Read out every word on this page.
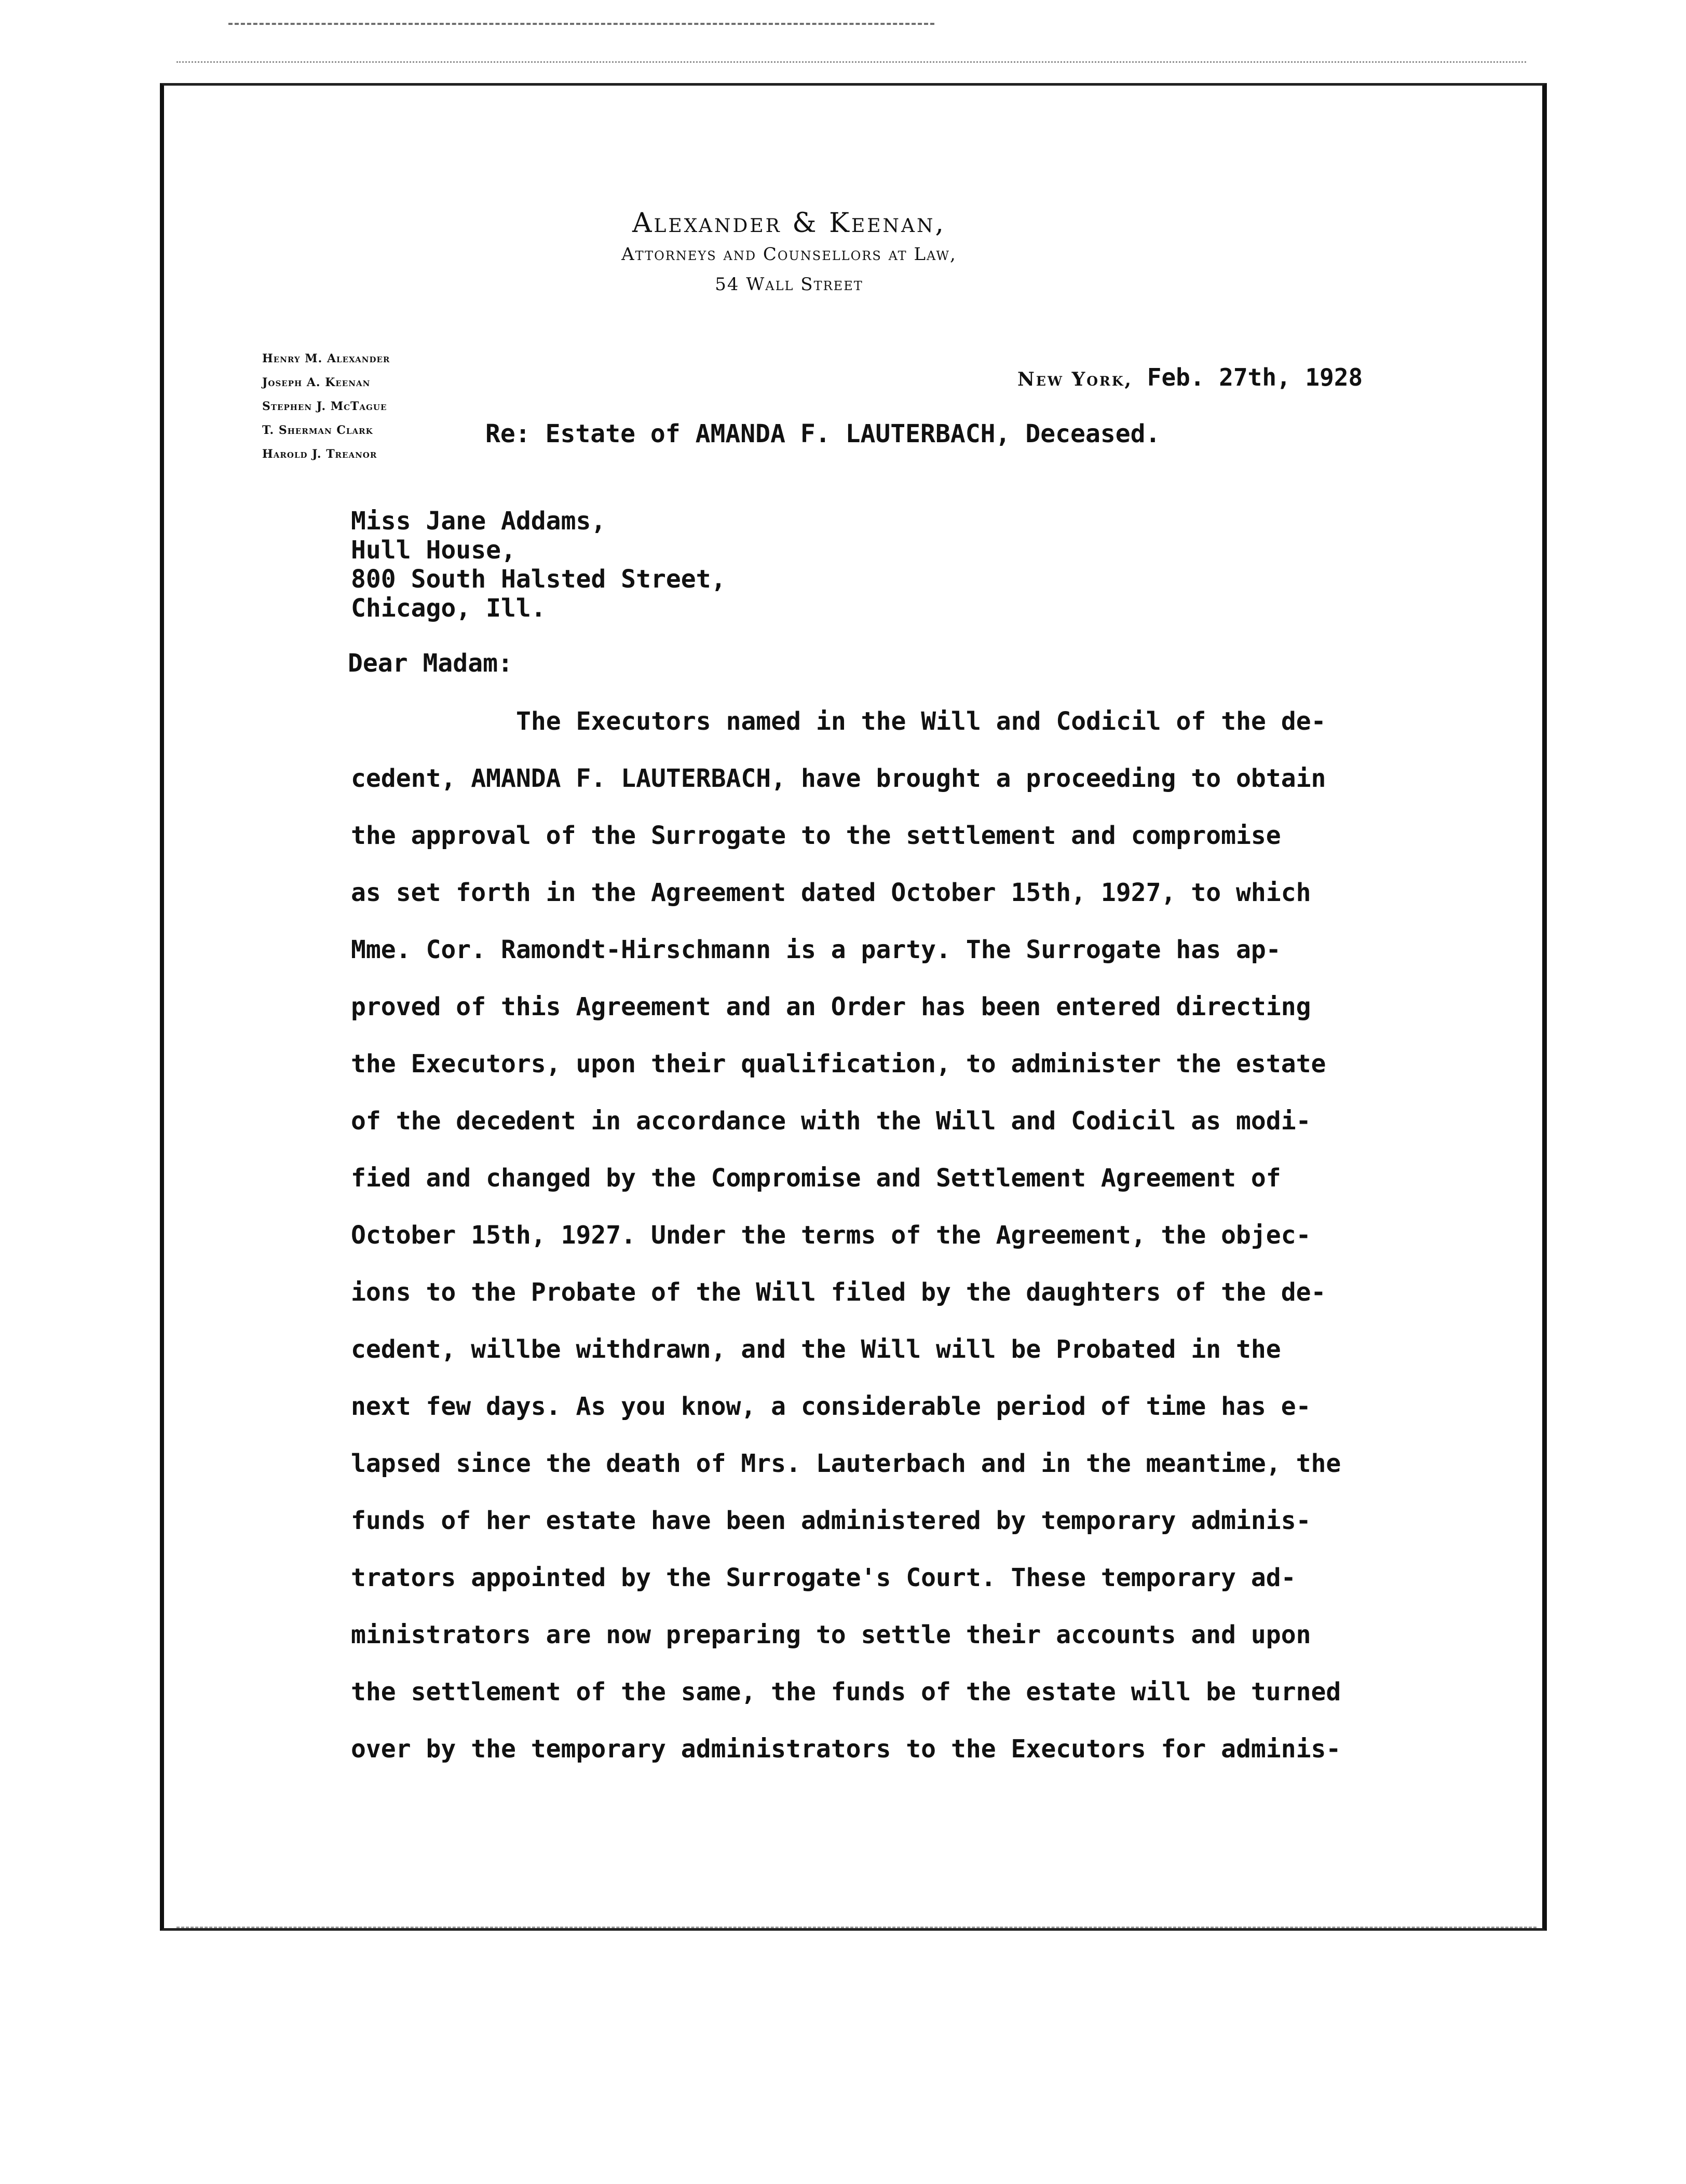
Alexander & Keenan,
Attorneys and Counsellors at Law,
54 Wall Street
Henry M. Alexander
Joseph A. Keenan
Stephen J. McTague
T. Sherman Clark
Harold J. Treanor
New York, Feb. 27th, 1928
Re: Estate of AMANDA F. LAUTERBACH, Deceased.
Miss Jane Addams,
Hull House,
800 South Halsted Street,
Chicago, Ill.
Dear Madam:
The Executors named in the Will and Codicil of the de-
cedent, AMANDA F. LAUTERBACH, have brought a proceeding to obtain
the approval of the Surrogate to the settlement and compromise
as set forth in the Agreement dated October 15th, 1927, to which
Mme. Cor. Ramondt-Hirschmann is a party. The Surrogate has ap-
proved of this Agreement and an Order has been entered directing
the Executors, upon their qualification, to administer the estate
of the decedent in accordance with the Will and Codicil as modi-
fied and changed by the Compromise and Settlement Agreement of
October 15th, 1927. Under the terms of the Agreement, the objec-
ions to the Probate of the Will filed by the daughters of the de-
cedent, willbe withdrawn, and the Will will be Probated in the
next few days. As you know, a considerable period of time has e-
lapsed since the death of Mrs. Lauterbach and in the meantime, the
funds of her estate have been administered by temporary adminis-
trators appointed by the Surrogate's Court. These temporary ad-
ministrators are now preparing to settle their accounts and upon
the settlement of the same, the funds of the estate will be turned
over by the temporary administrators to the Executors for adminis-
